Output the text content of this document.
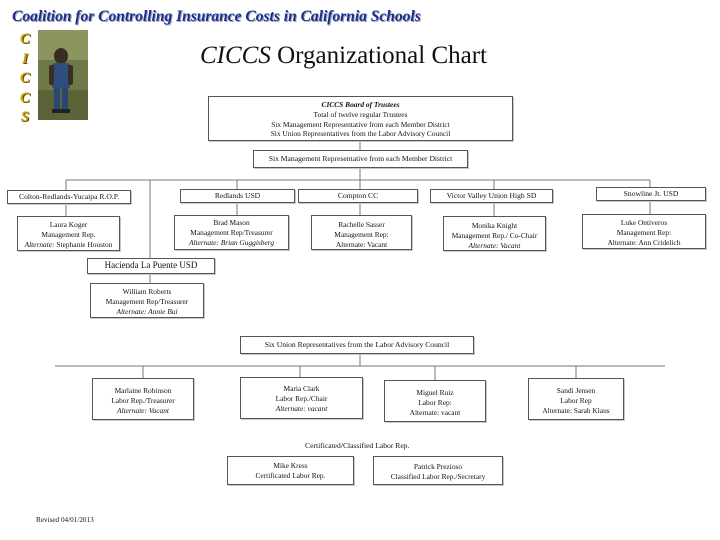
Coalition for Controlling Insurance Costs in California Schools
C
I
C
C
S
CICCS Organizational Chart
CICCS Board of Trustees
Total of twelve regular Trustees
Six Management Representative from each Member District
Six Union Representatives from the Labor Advisory Council
Six Management Representative from each Member District
Colton-Redlands-Yucaipa R.O.P.	Redlands USD	Compton CC	Victor Valley Union High SD	Snowline Jt. USD
Hacienda La Puente USD
Laura Koger
Management Rep.
Alternate: Stephanie Houston
Brad Mason
Management Rep/Treasurer
Alternate: Brian Guggisberg
Rachelle Sasser
Management Rep:
Alternate: Vacant
Monika Knight
Management Rep./ Co-Chair
Alternate: Vacant
Luke Ontiveros
Management Rep:
Alternate: Ann Cridelich
William Roberts
Management Rep/Treasurer
Alternate: Annie Bui
Six Union Representatives from the Labor Advisory Council
Marlaine Robinson
Labor Rep./Treasurer
Alternate: Vacant
Maria Clark
Labor Rep./Chair
Alternate: vacant
Miguel Ruiz
Labor Rep:
Alternate: vacant
Sandi Jensen
Labor Rep
Alternate: Sarah Klaus
Certificated/Classified Labor Rep.
Mike Kress
Certificated Labor Rep.
Patrick Prezioso
Classified Labor Rep./Secretary
Revised 04/01/2013
